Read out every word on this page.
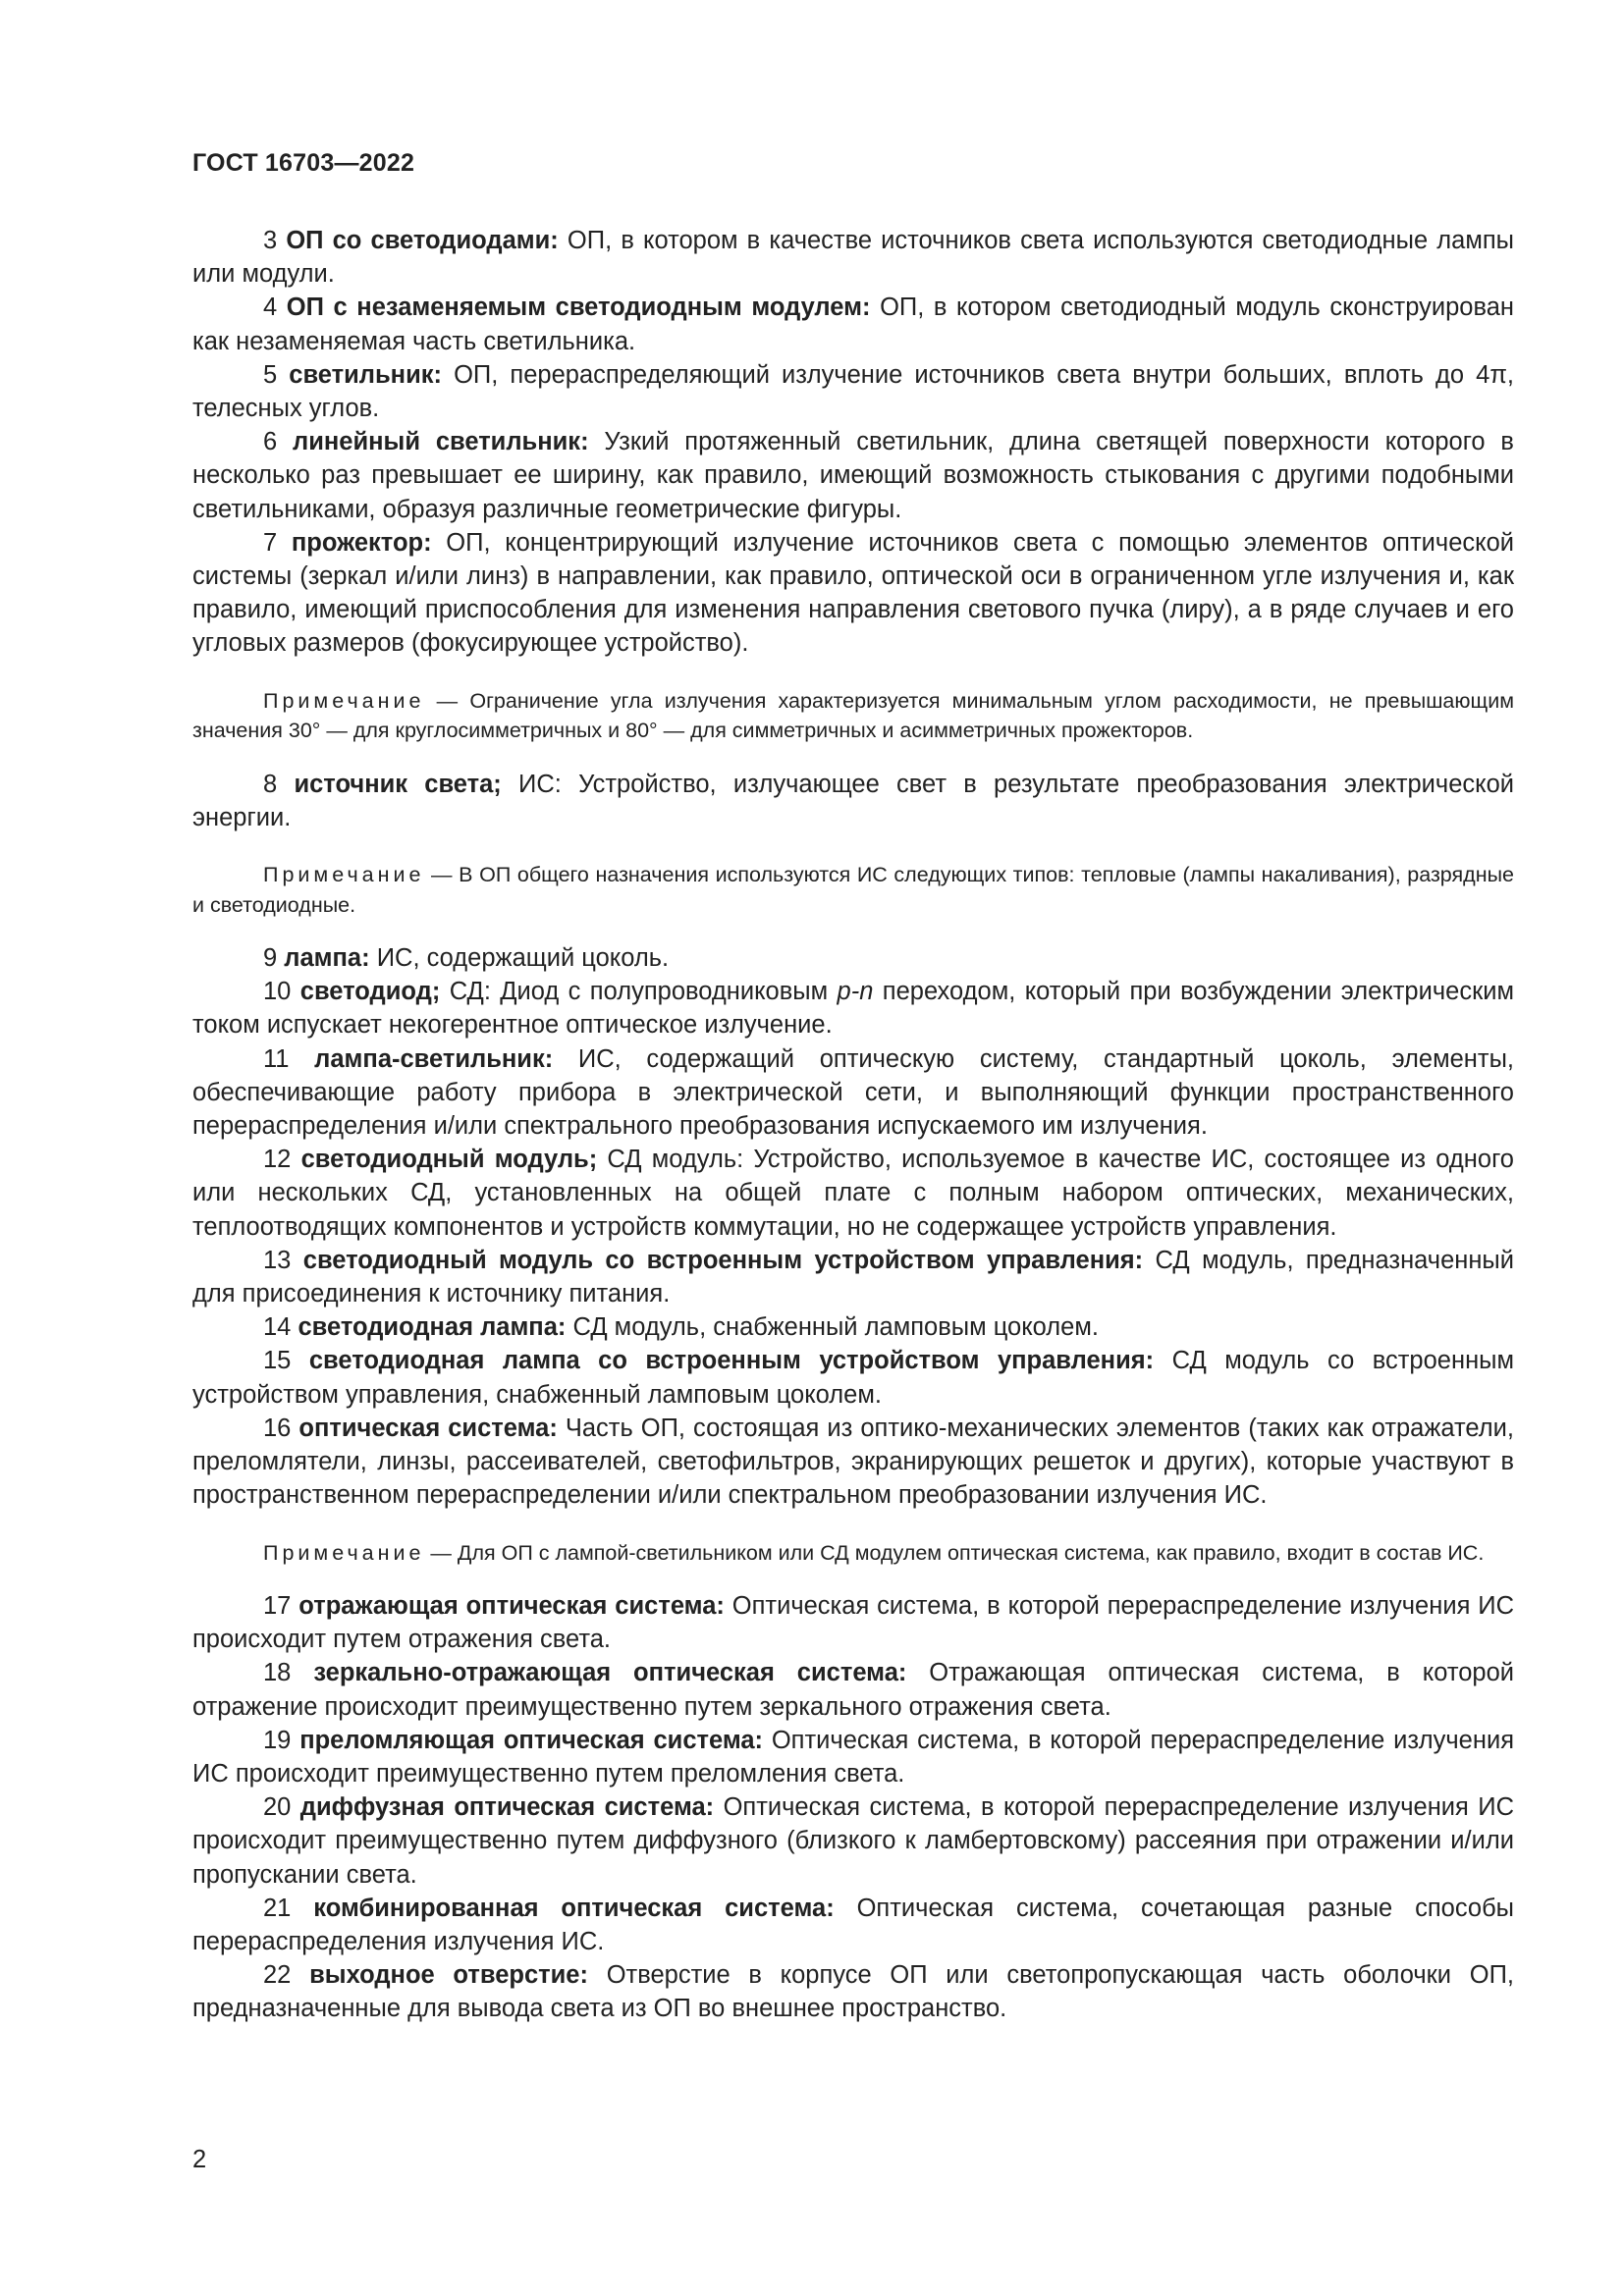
ГОСТ 16703—2022

3 ОП со светодиодами: ОП, в котором в качестве источников света используются светодиодные лампы или модули.

4 ОП с незаменяемым светодиодным модулем: ОП, в котором светодиодный модуль сконструирован как незаменяемая часть светильника.

5 светильник: ОП, перераспределяющий излучение источников света внутри больших, вплоть до 4π, телесных углов.

6 линейный светильник: Узкий протяженный светильник, длина светящей поверхности которого в несколько раз превышает ее ширину, как правило, имеющий возможность стыкования с другими подобными светильниками, образуя различные геометрические фигуры.

7 прожектор: ОП, концентрирующий излучение источников света с помощью элементов оптической системы (зеркал и/или линз) в направлении, как правило, оптической оси в ограниченном угле излучения и, как правило, имеющий приспособления для изменения направления светового пучка (лиру), а в ряде случаев и его угловых размеров (фокусирующее устройство).

Примечание — Ограничение угла излучения характеризуется минимальным углом расходимости, не превышающим значения 30° — для круглосимметричных и 80° — для симметричных и асимметричных прожекторов.

8 источник света; ИС: Устройство, излучающее свет в результате преобразования электрической энергии.

Примечание — В ОП общего назначения используются ИС следующих типов: тепловые (лампы накаливания), разрядные и светодиодные.

9 лампа: ИС, содержащий цоколь.

10 светодиод; СД: Диод с полупроводниковым p-n переходом, который при возбуждении электрическим током испускает некогерентное оптическое излучение.

11 лампа-светильник: ИС, содержащий оптическую систему, стандартный цоколь, элементы, обеспечивающие работу прибора в электрической сети, и выполняющий функции пространственного перераспределения и/или спектрального преобразования испускаемого им излучения.

12 светодиодный модуль; СД модуль: Устройство, используемое в качестве ИС, состоящее из одного или нескольких СД, установленных на общей плате с полным набором оптических, механических, теплоотводящих компонентов и устройств коммутации, но не содержащее устройств управления.

13 светодиодный модуль со встроенным устройством управления: СД модуль, предназначенный для присоединения к источнику питания.

14 светодиодная лампа: СД модуль, снабженный ламповым цоколем.

15 светодиодная лампа со встроенным устройством управления: СД модуль со встроенным устройством управления, снабженный ламповым цоколем.

16 оптическая система: Часть ОП, состоящая из оптико-механических элементов (таких как отражатели, преломлятели, линзы, рассеивателей, светофильтров, экранирующих решеток и других), которые участвуют в пространственном перераспределении и/или спектральном преобразовании излучения ИС.

Примечание — Для ОП с лампой-светильником или СД модулем оптическая система, как правило, входит в состав ИС.

17 отражающая оптическая система: Оптическая система, в которой перераспределение излучения ИС происходит путем отражения света.

18 зеркально-отражающая оптическая система: Отражающая оптическая система, в которой отражение происходит преимущественно путем зеркального отражения света.

19 преломляющая оптическая система: Оптическая система, в которой перераспределение излучения ИС происходит преимущественно путем преломления света.

20 диффузная оптическая система: Оптическая система, в которой перераспределение излучения ИС происходит преимущественно путем диффузного (близкого к ламбертовскому) рассеяния при отражении и/или пропускании света.

21 комбинированная оптическая система: Оптическая система, сочетающая разные способы перераспределения излучения ИС.

22 выходное отверстие: Отверстие в корпусе ОП или светопропускающая часть оболочки ОП, предназначенные для вывода света из ОП во внешнее пространство.

2
